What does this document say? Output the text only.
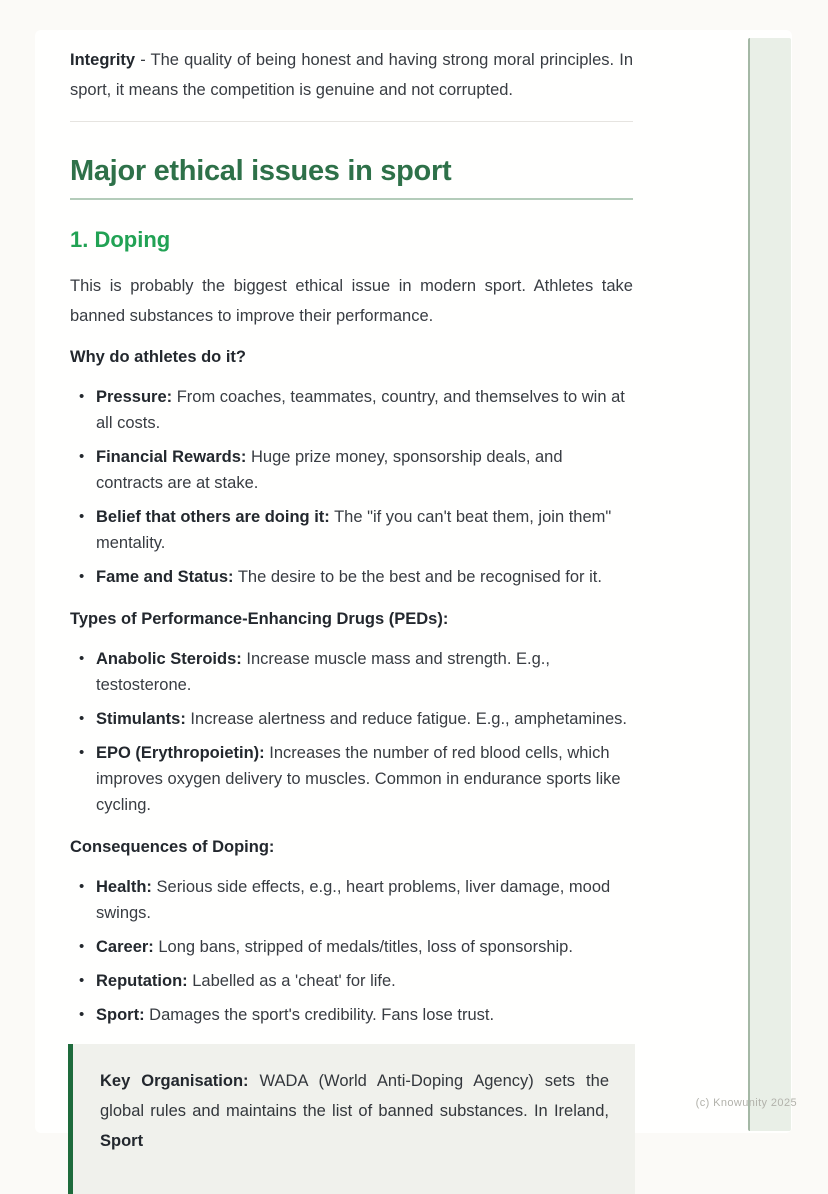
Integrity - The quality of being honest and having strong moral principles. In sport, it means the competition is genuine and not corrupted.

Major ethical issues in sport
1. Doping

This is probably the biggest ethical issue in modern sport. Athletes take banned substances to improve their performance.

Why do athletes do it?

• Pressure: From coaches, teammates, country, and themselves to win at all costs.
• Financial Rewards: Huge prize money, sponsorship deals, and contracts are at stake.
• Belief that others are doing it: The "if you can't beat them, join them" mentality.
• Fame and Status: The desire to be the best and be recognised for it.

Types of Performance-Enhancing Drugs (PEDs):

• Anabolic Steroids: Increase muscle mass and strength. E.g., testosterone.
• Stimulants: Increase alertness and reduce fatigue. E.g., amphetamines.
• EPO (Erythropoietin): Increases the number of red blood cells, which improves oxygen delivery to muscles. Common in endurance sports like cycling.

Consequences of Doping:

• Health: Serious side effects, e.g., heart problems, liver damage, mood swings.
• Career: Long bans, stripped of medals/titles, loss of sponsorship.
• Reputation: Labelled as a 'cheat' for life.
• Sport: Damages the sport's credibility. Fans lose trust.
Key Organisation: WADA (World Anti-Doping Agency) sets the global rules and maintains the list of banned substances. In Ireland, Sport
(c) Knowunity 2025
